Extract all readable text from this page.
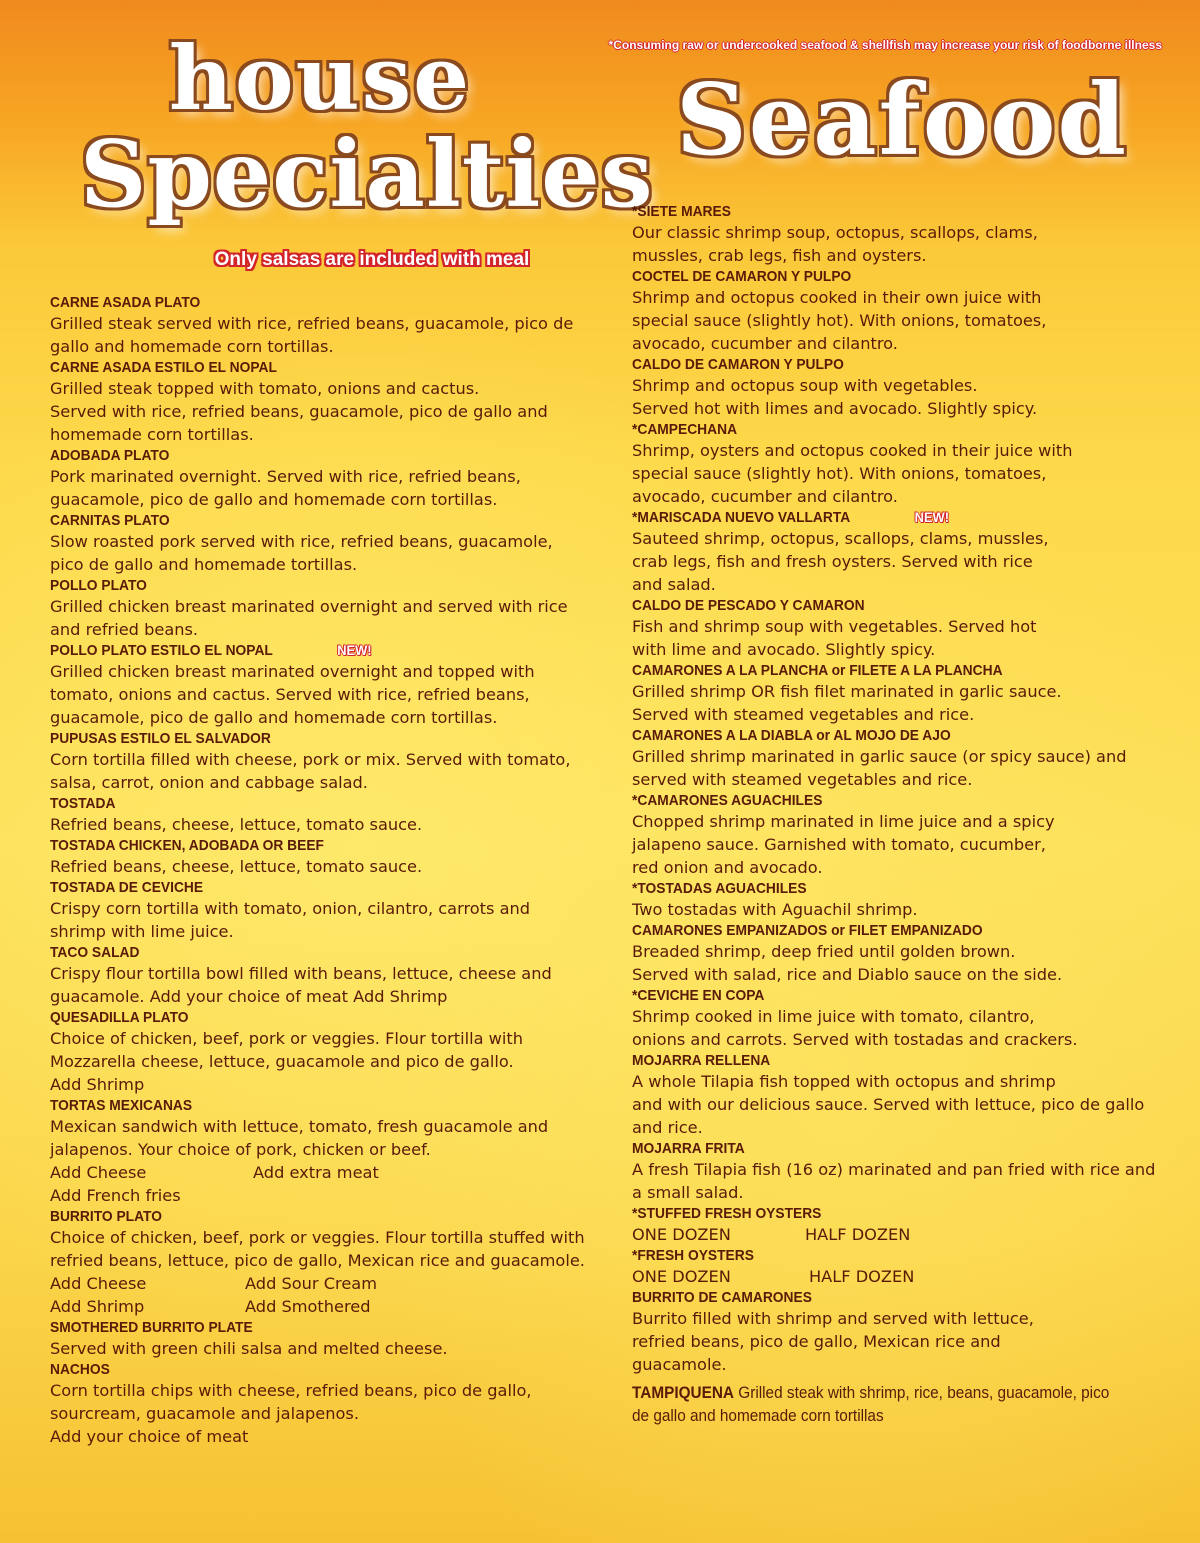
house
Specialties
*Consuming raw or undercooked seafood & shellfish may increase your risk of foodborne illness
Seafood
Only salsas are included with meal
CARNE ASADA PLATO
Grilled steak served with rice, refried beans, guacamole, pico de
gallo and homemade corn tortillas.
CARNE ASADA ESTILO EL NOPAL
Grilled steak topped with tomato, onions and cactus.
Served with rice, refried beans, guacamole, pico de gallo and
homemade corn tortillas.
ADOBADA PLATO
Pork marinated overnight. Served with rice, refried beans,
guacamole, pico de gallo and homemade corn tortillas.
CARNITAS PLATO
Slow roasted pork served with rice, refried beans, guacamole,
pico de gallo and homemade tortillas.
POLLO PLATO
Grilled chicken breast marinated overnight and served with rice
and refried beans.
POLLO PLATO ESTILO EL NOPAL	NEW!
Grilled chicken breast marinated overnight and topped with
tomato, onions and cactus. Served with rice, refried beans,
guacamole, pico de gallo and homemade corn tortillas.
PUPUSAS ESTILO EL SALVADOR
Corn tortilla filled with cheese, pork or mix. Served with tomato,
salsa, carrot, onion and cabbage salad.
TOSTADA
Refried beans, cheese, lettuce, tomato sauce.
TOSTADA CHICKEN, ADOBADA OR BEEF
Refried beans, cheese, lettuce, tomato sauce.
TOSTADA DE CEVICHE
Crispy corn tortilla with tomato, onion, cilantro, carrots and
shrimp with lime juice.
TACO SALAD
Crispy flour tortilla bowl filled with beans, lettuce, cheese and
guacamole. Add your choice of meat Add Shrimp
QUESADILLA PLATO
Choice of chicken, beef, pork or veggies. Flour tortilla with
Mozzarella cheese, lettuce, guacamole and pico de gallo.
Add Shrimp
TORTAS MEXICANAS
Mexican sandwich with lettuce, tomato, fresh guacamole and
jalapenos. Your choice of pork, chicken or beef.
Add Cheese	Add extra meat
Add French fries
BURRITO PLATO
Choice of chicken, beef, pork or veggies. Flour tortilla stuffed with
refried beans, lettuce, pico de gallo, Mexican rice and guacamole.
Add Cheese	Add Sour Cream
Add Shrimp	Add Smothered
SMOTHERED BURRITO PLATE
Served with green chili salsa and melted cheese.
NACHOS
Corn tortilla chips with cheese, refried beans, pico de gallo,
sourcream, guacamole and jalapenos.
Add your choice of meat
*SIETE MARES
Our classic shrimp soup, octopus, scallops, clams,
mussles, crab legs, fish and oysters.
COCTEL DE CAMARON Y PULPO
Shrimp and octopus cooked in their own juice with
special sauce (slightly hot). With onions, tomatoes,
avocado, cucumber and cilantro.
CALDO DE CAMARON Y PULPO
Shrimp and octopus soup with vegetables.
Served hot with limes and avocado. Slightly spicy.
*CAMPECHANA
Shrimp, oysters and octopus cooked in their juice with
special sauce (slightly hot). With onions, tomatoes,
avocado, cucumber and cilantro.
*MARISCADA NUEVO VALLARTA	NEW!
Sauteed shrimp, octopus, scallops, clams, mussles,
crab legs, fish and fresh oysters. Served with rice
and salad.
CALDO DE PESCADO Y CAMARON
Fish and shrimp soup with vegetables. Served hot
with lime and avocado. Slightly spicy.
CAMARONES A LA PLANCHA or FILETE A LA PLANCHA
Grilled shrimp OR fish filet marinated in garlic sauce.
Served with steamed vegetables and rice.
CAMARONES A LA DIABLA or AL MOJO DE AJO
Grilled shrimp marinated in garlic sauce (or spicy sauce) and
served with steamed vegetables and rice.
*CAMARONES AGUACHILES
Chopped shrimp marinated in lime juice and a spicy
jalapeno sauce. Garnished with tomato, cucumber,
red onion and avocado.
*TOSTADAS AGUACHILES
Two tostadas with Aguachil shrimp.
CAMARONES EMPANIZADOS or FILET EMPANIZADO
Breaded shrimp, deep fried until golden brown.
Served with salad, rice and Diablo sauce on the side.
*CEVICHE EN COPA
Shrimp cooked in lime juice with tomato, cilantro,
onions and carrots. Served with tostadas and crackers.
MOJARRA RELLENA
A whole Tilapia fish topped with octopus and shrimp
and with our delicious sauce. Served with lettuce, pico de gallo
and rice.
MOJARRA FRITA
A fresh Tilapia fish (16 oz) marinated and pan fried with rice and
a small salad.
*STUFFED FRESH OYSTERS
ONE DOZEN	HALF DOZEN
*FRESH OYSTERS
ONE DOZEN	HALF DOZEN
BURRITO DE CAMARONES
Burrito filled with shrimp and served with lettuce,
refried beans, pico de gallo, Mexican rice and
guacamole.
TAMPIQUENA Grilled steak with shrimp, rice, beans, guacamole, pico
de gallo and homemade corn tortillas
